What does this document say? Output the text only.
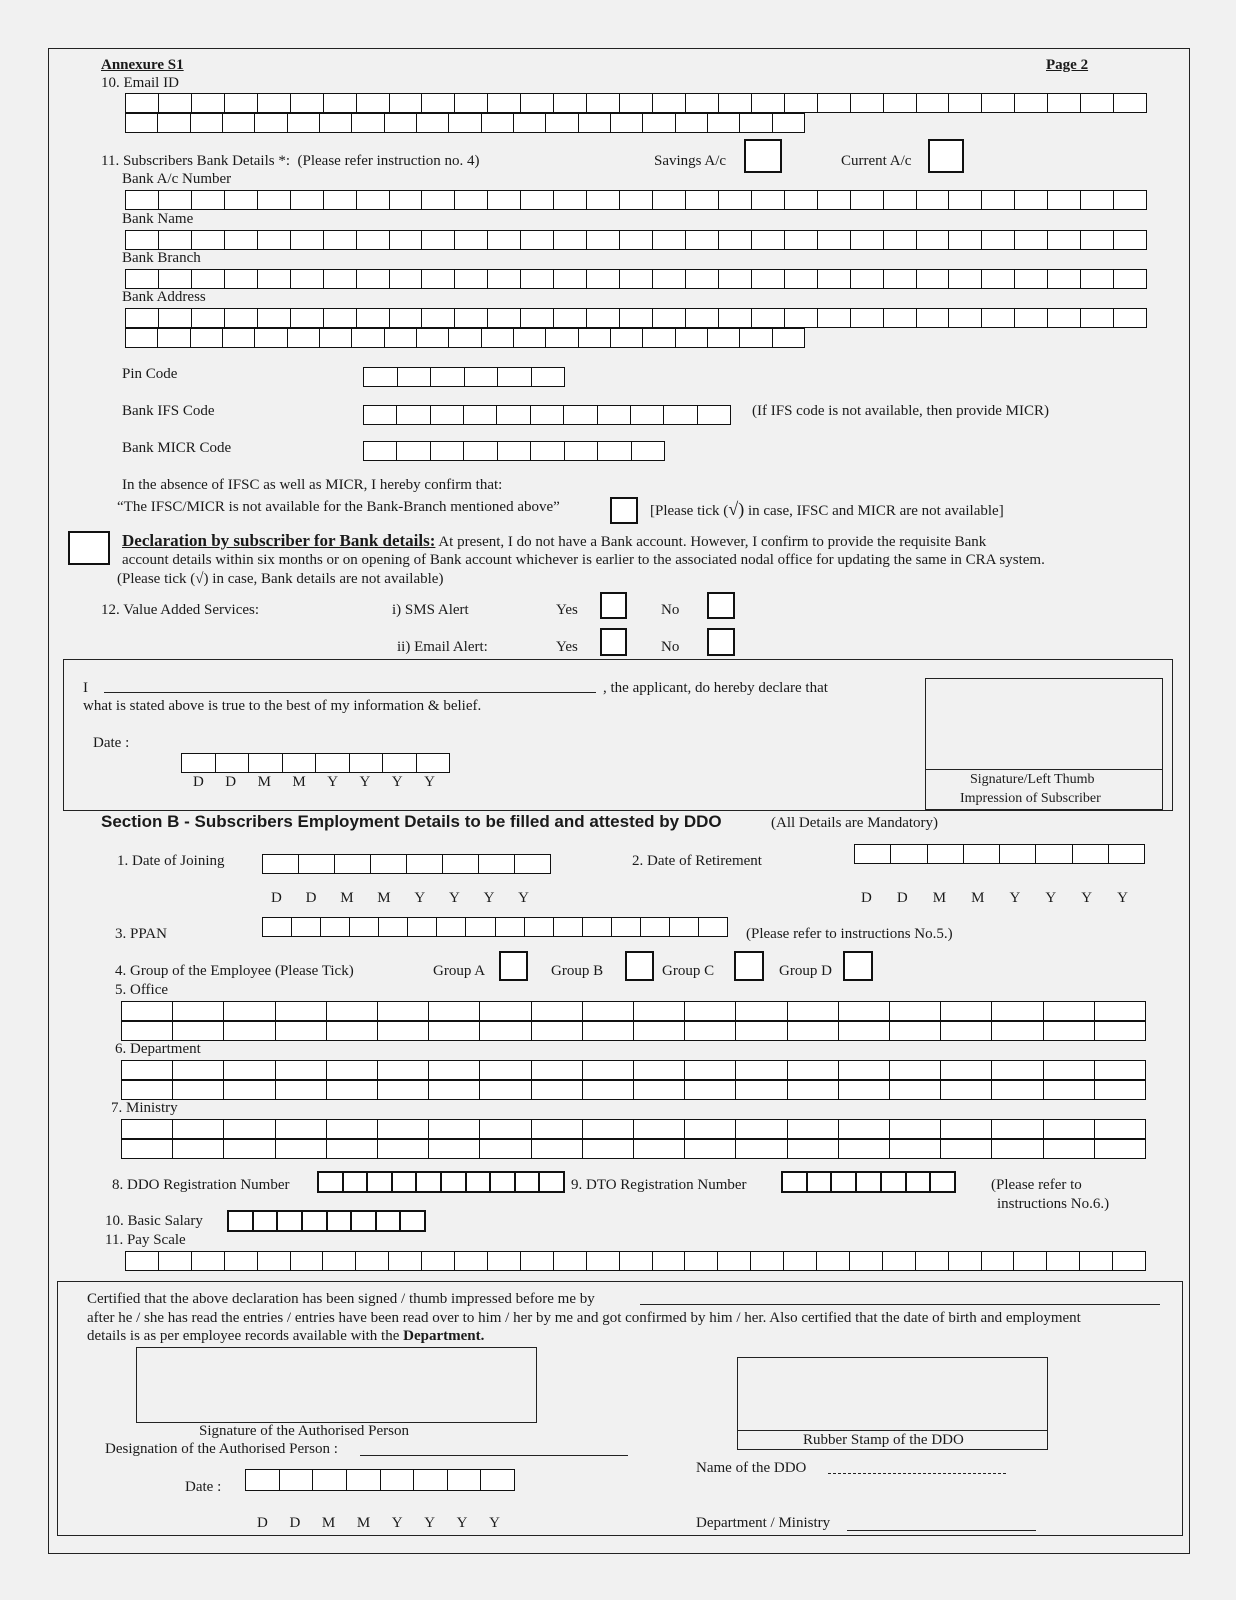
Annexure S1	Page 2
10. Email ID
11. Subscribers Bank Details *: (Please refer instruction no. 4)	Savings A/c	Current A/c
Bank A/c Number
Bank Name
Bank Branch
Bank Address
Pin Code
Bank IFS Code	(If IFS code is not available, then provide MICR)
Bank MICR Code
In the absence of IFSC as well as MICR, I hereby confirm that:
“The IFSC/MICR is not available for the Bank-Branch mentioned above”	[Please tick (√) in case, IFSC and MICR are not available]
Declaration by subscriber for Bank details: At present, I do not have a Bank account. However, I confirm to provide the requisite Bank
account details within six months or on opening of Bank account whichever is earlier to the associated nodal office for updating the same in CRA system.
(Please tick (√) in case, Bank details are not available)
12. Value Added Services:	i) SMS Alert	Yes	No
ii) Email Alert:	Yes	No
I	, the applicant, do hereby declare that
what is stated above is true to the best of my information & belief.
Date :
D D M M Y Y Y Y	Signature/Left Thumb
Impression of Subscriber
Section B - Subscribers Employment Details to be filled and attested by DDO	(All Details are Mandatory)
1. Date of Joining
D D M M Y Y Y Y
2. Date of Retirement
D D M M Y Y Y Y
3. PPAN	(Please refer to instructions No.5.)
4. Group of the Employee (Please Tick)	Group A	Group B	Group C	Group D
5. Office
6. Department
7. Ministry
8. DDO Registration Number	9. DTO Registration Number	(Please refer to
instructions No.6.)
10. Basic Salary
11. Pay Scale
Certified that the above declaration has been signed / thumb impressed before me by
after he / she has read the entries / entries have been read over to him / her by me and got confirmed by him / her. Also certified that the date of birth and employment
details is as per employee records available with the Department.
Signature of the Authorised Person
Designation of the Authorised Person :
Date :
D D M M Y Y Y Y
Rubber Stamp of the DDO
Name of the DDO
Department / Ministry
